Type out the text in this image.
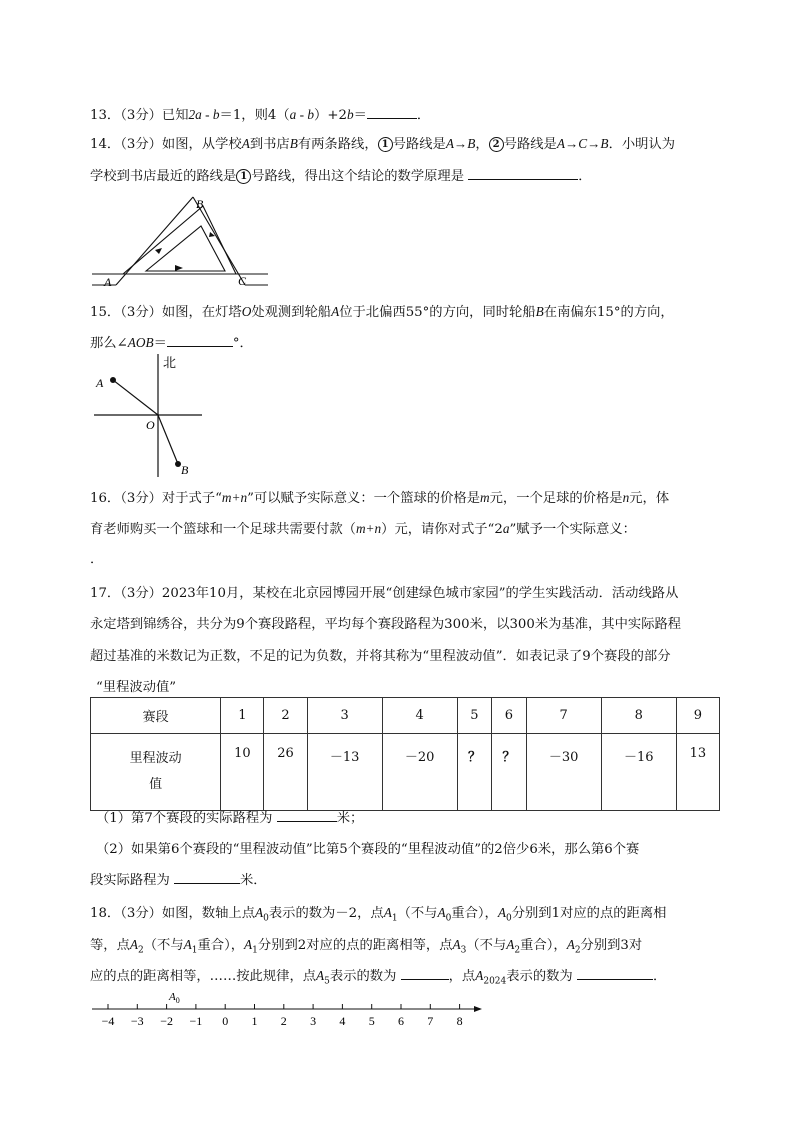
13．（3分）已知2a - b＝1，则4（a - b）+2b＝	．
14．（3分）如图，从学校A到书店B有两条路线， 1 号路线是A→B， 2 号路线是A→C→B．小明认为
学校到书店最近的路线是 1 号路线，得出这个结论的数学原理是	．
A
B
C
15．（3分）如图，在灯塔O处观测到轮船A位于北偏西55°的方向，同时轮船B在南偏东15°的方向，
那么∠AOB＝	°．
北
A
O
B
16．（3分）对于式子“m+n”可以赋予实际意义：一个篮球的价格是m元，一个足球的价格是n元，体
育老师购买一个篮球和一个足球共需要付款（m+n）元，请你对式子“2a”赋予一个实际意义：
．
17．（3分）2023年10月，某校在北京园博园开展“创建绿色城市家园”的学生实践活动．活动线路从
永定塔到锦绣谷，共分为9个赛段路程，平均每个赛段路程为300米，以300米为基准，其中实际路程
超过基准的米数记为正数，不足的记为负数，并将其称为“里程波动值”．如表记录了9个赛段的部分
“里程波动值”
赛段	1	2	3	4	5	6	7	8	9
里程波动
值	10	26	－13	－20	？	？	－30	－16	13
（1）第7个赛段的实际路程为	米；
（2）如果第6个赛段的“里程波动值”比第5个赛段的“里程波动值”的2倍少6米，那么第6个赛
段实际路程为	米．
18．（3分）如图，数轴上点$A_0$表示的数为－2，点$A_1$（不与$A_0$重合），$A_0$分别到1对应的点的距离相
等，点$A_2$（不与$A_1$重合），$A_1$分别到2对应的点的距离相等，点$A_3$（不与$A_2$重合），$A_2$分别到3对
应的点的距离相等，……按此规律，点$A_5$表示的数为	，点$A_{2024}$表示的数为	．
−4 −3 −2 −1 0 1 2 3 4 5 6 7 8
$A_0$
